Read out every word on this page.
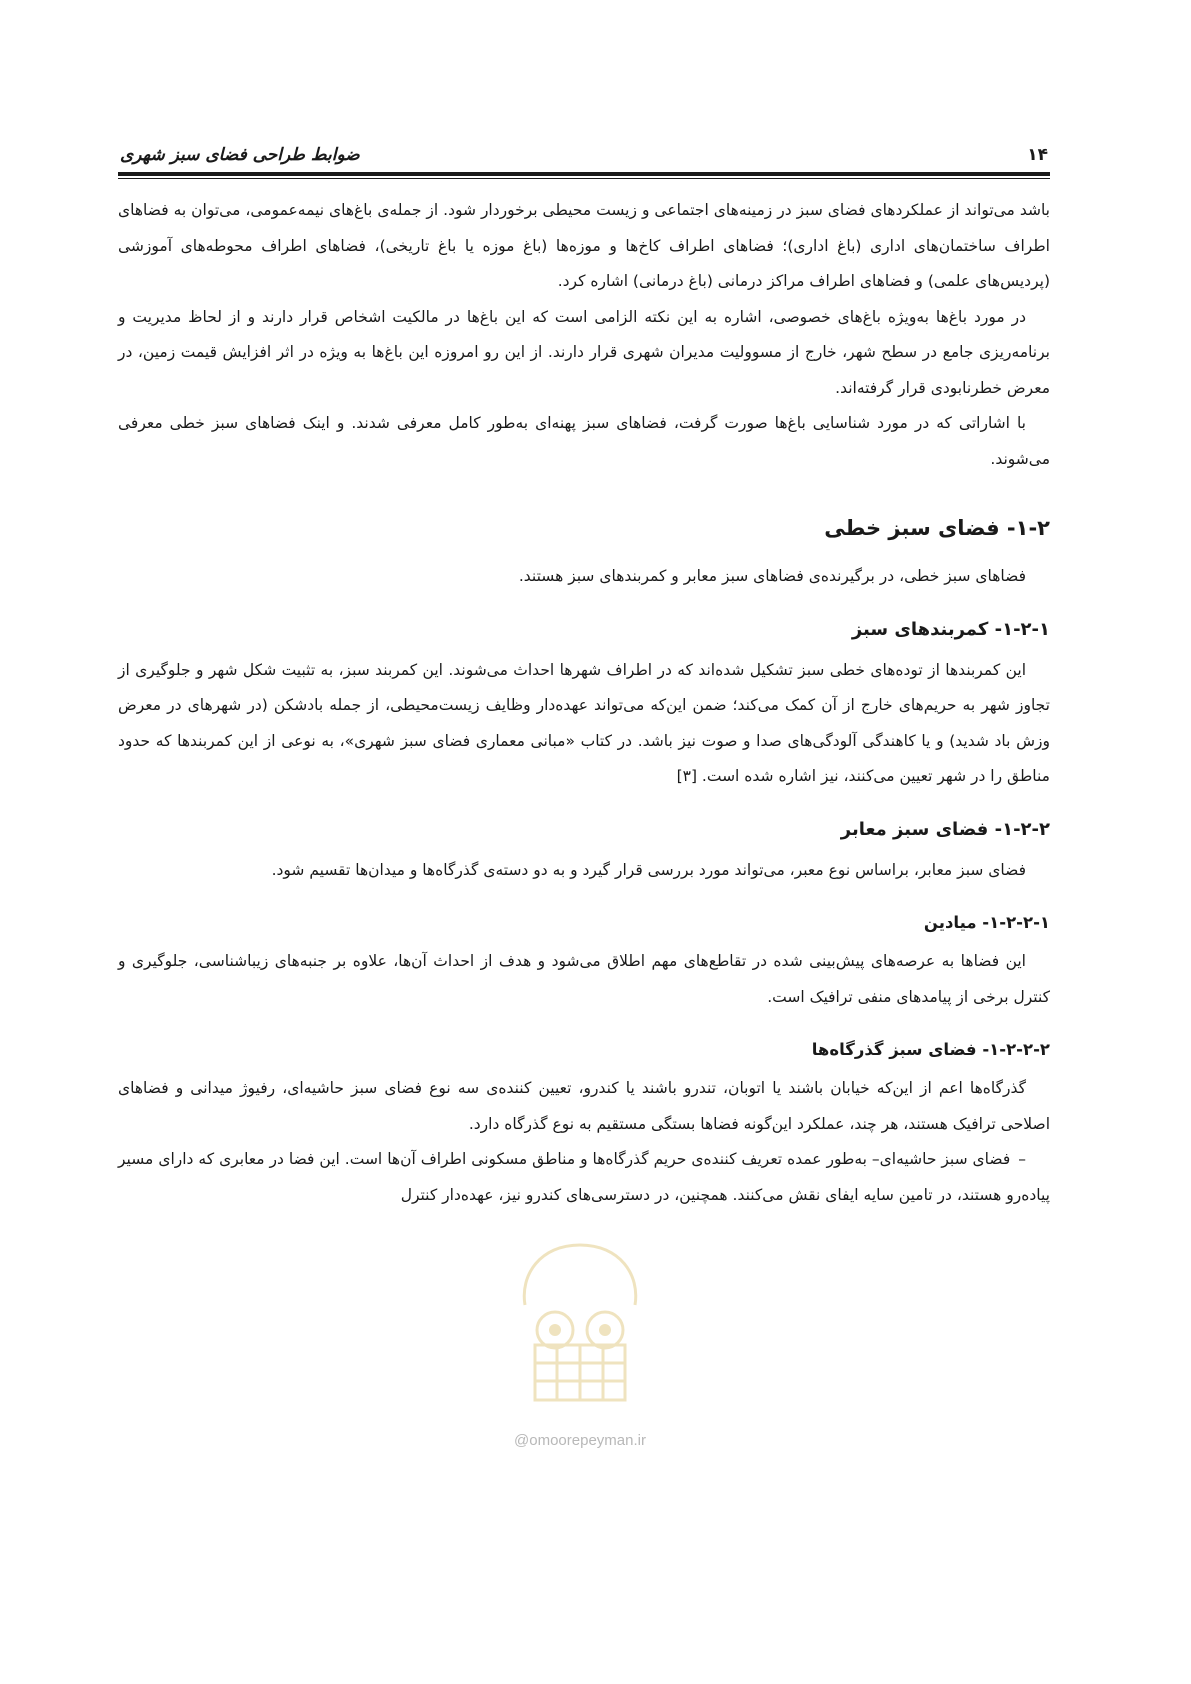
۱۴
ضوابط طراحی فضای سبز شهری

باشد می‌تواند از عملکردهای فضای سبز در زمینه‌های اجتماعی و زیست محیطی برخوردار شود. از جمله‌ی باغ‌های نیمه‌عمومی، می‌توان به فضاهای اطراف ساختمان‌های اداری (باغ اداری)؛ فضاهای اطراف کاخ‌ها و موزه‌ها (باغ موزه یا باغ تاریخی)، فضاهای اطراف محوطه‌های آموزشی (پردیس‌های علمی) و فضاهای اطراف مراکز درمانی (باغ درمانی) اشاره کرد.

در مورد باغ‌ها به‌ویژه باغ‌های خصوصی، اشاره به این نکته الزامی است که این باغ‌ها در مالکیت اشخاص قرار دارند و از لحاظ مدیریت و برنامه‌ریزی جامع در سطح شهر، خارج از مسوولیت مدیران شهری قرار دارند. از این رو امروزه این باغ‌ها به ویژه در اثر افزایش قیمت زمین، در معرض خطرنابودی قرار گرفته‌اند.

با اشاراتی که در مورد شناسایی باغ‌ها صورت گرفت، فضاهای سبز پهنه‌ای به‌طور کامل معرفی شدند. و اینک فضاهای سبز خطی معرفی می‌شوند.

۱-۲- فضای سبز خطی

فضاهای سبز خطی، در برگیرنده‌ی فضاهای سبز معابر و کمربندهای سبز هستند.

۱-۲-۱- کمربندهای سبز

این کمربندها از توده‌های خطی سبز تشکیل شده‌اند که در اطراف شهرها احداث می‌شوند. این کمربند سبز، به تثبیت شکل شهر و جلوگیری از تجاوز شهر به حریم‌های خارج از آن کمک می‌کند؛ ضمن این‌که می‌تواند عهده‌دار وظایف زیست‌محیطی، از جمله بادشکن (در شهرهای در معرض وزش باد شدید) و یا کاهندگی آلودگی‌های صدا و صوت نیز باشد. در کتاب «مبانی معماری فضای سبز شهری»، به نوعی از این کمربندها که حدود مناطق را در شهر تعیین می‌کنند، نیز اشاره شده است. [۳]

۱-۲-۲- فضای سبز معابر

فضای سبز معابر، براساس نوع معبر، می‌تواند مورد بررسی قرار گیرد و به دو دسته‌ی گذرگاه‌ها و میدان‌ها تقسیم شود.

۱-۲-۲-۱- میادین

این فضاها به عرصه‌های پیش‌بینی شده در تقاطع‌های مهم اطلاق می‌شود و هدف از احداث آن‌ها، علاوه بر جنبه‌های زیباشناسی، جلوگیری و کنترل برخی از پیامدهای منفی ترافیک است.

۱-۲-۲-۲- فضای سبز گذرگاه‌ها

گذرگاه‌ها اعم از این‌که خیابان باشند یا اتوبان، تندرو باشند یا کندرو، تعیین کننده‌ی سه نوع فضای سبز حاشیه‌ای، رفیوژ میدانی و فضاهای اصلاحی ترافیک هستند، هر چند، عملکرد این‌گونه فضاها بستگی مستقیم به نوع گذرگاه دارد.

–فضای سبز حاشیه‌ای– به‌طور عمده تعریف کننده‌ی حریم گذرگاه‌ها و مناطق مسکونی اطراف آن‌ها است. این فضا در معابری که دارای مسیر پیاده‌رو هستند، در تامین سایه ایفای نقش می‌کنند. همچنین، در دسترسی‌های کندرو نیز، عهده‌دار کنترل

@omoorepeyman.ir
